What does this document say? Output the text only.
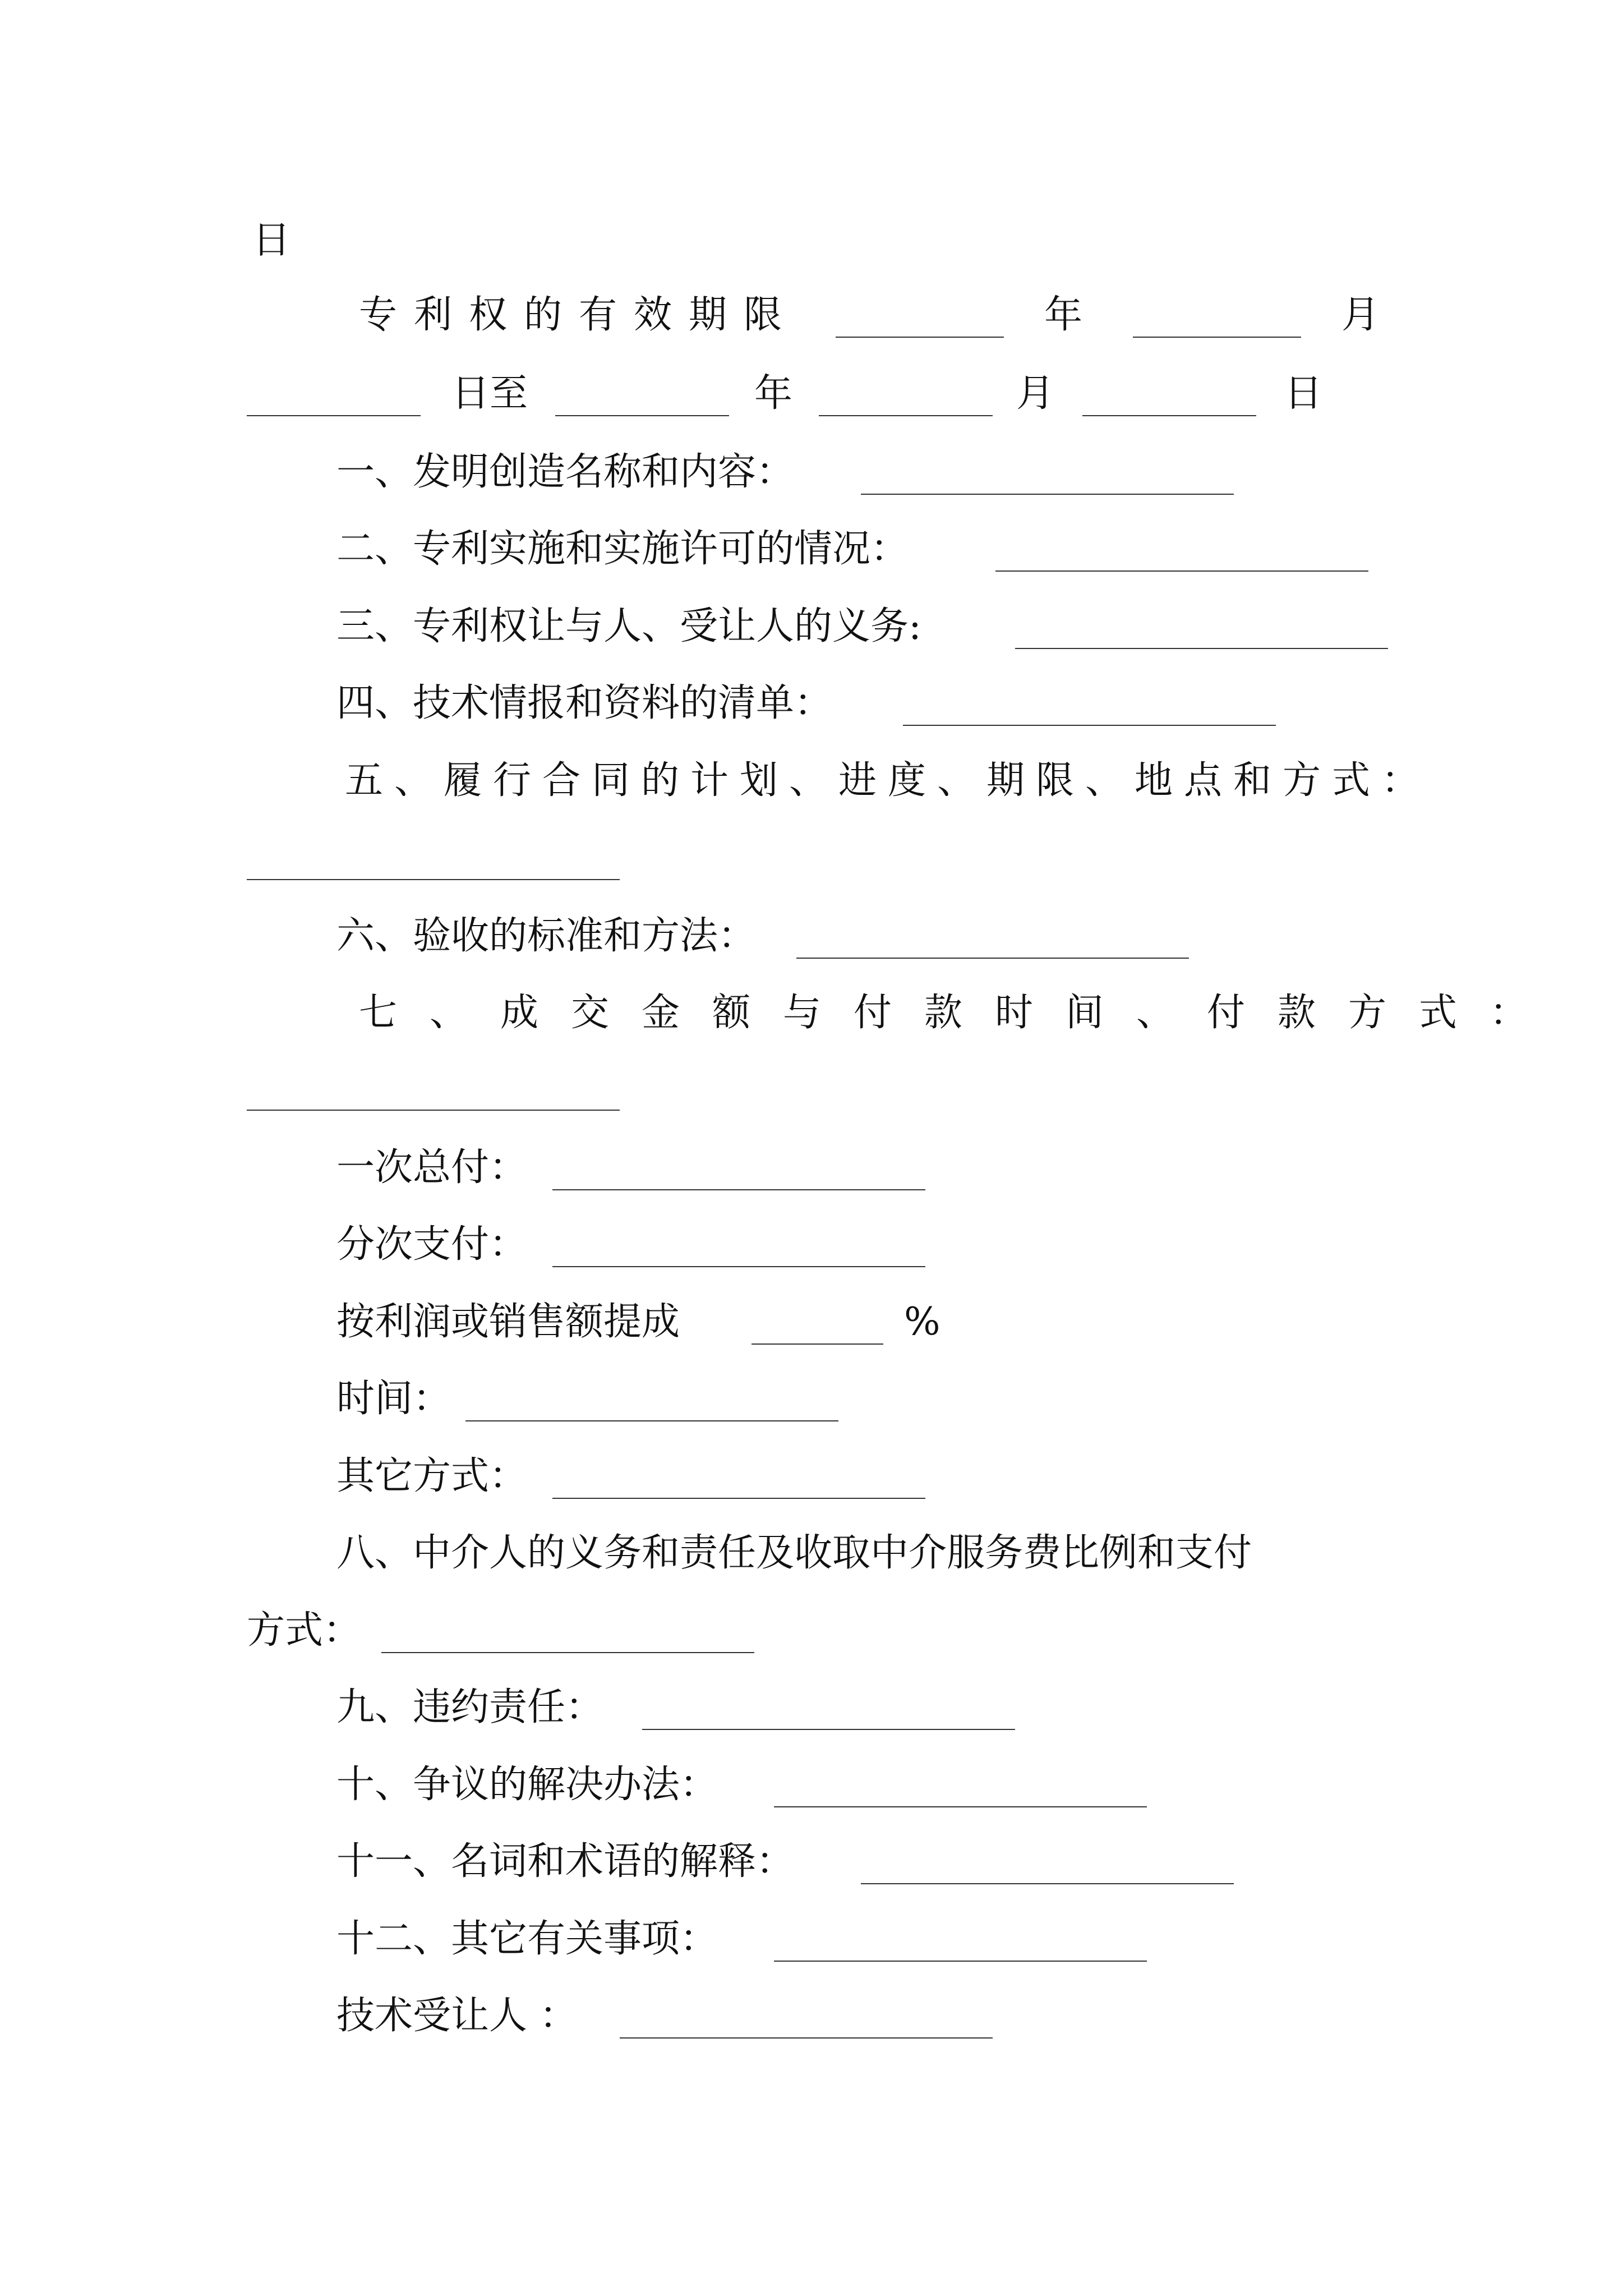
日
专利权的有效期限	年	月
日至	年	月	日
一、发明创造名称和内容：
二、专利实施和实施许可的情况：
三、专利权让与人、受让人的义务:
四、技术情报和资料的清单：
五、履行合同的计划、进度、期限、地点和方式：
六、验收的标准和方法：
七、成交金额与付款时间、付款方式：
一次总付：
分次支付：
按利润或销售额提成	%
时间：
其它方式：
八、中介人的义务和责任及收取中介服务费比例和支付
方式：
九、违约责任：
十、争议的解决办法：
十一、名词和术语的解释：
十二、其它有关事项：
技术受让人 ：
